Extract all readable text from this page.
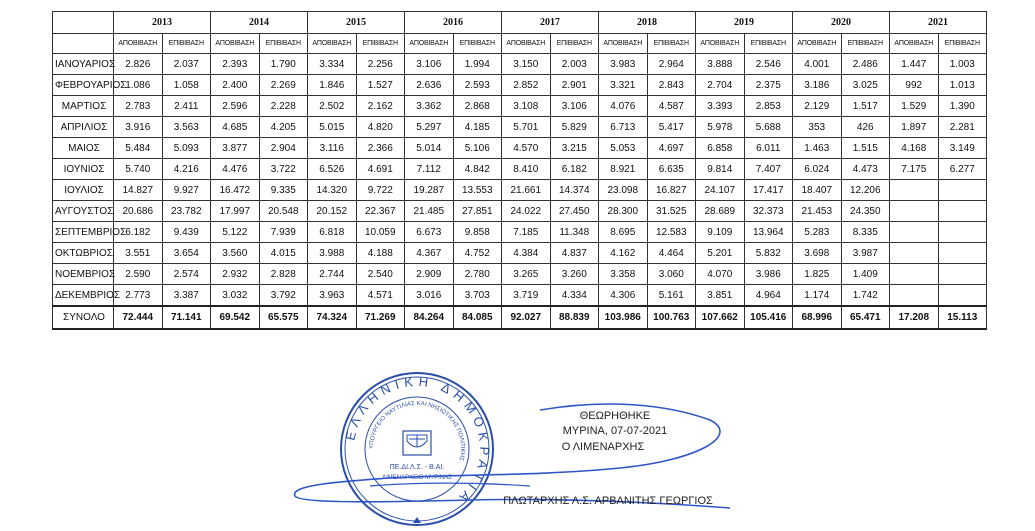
	2013	2014	2015	2016	2017	2018	2019	2020	2021
	ΑΠΟΒΙΒΑΣΗ	ΕΠΙΒΙΒΑΣΗ	ΑΠΟΒΙΒΑΣΗ	ΕΠΙΒΙΒΑΣΗ	ΑΠΟΒΙΒΑΣΗ	ΕΠΙΒΙΒΑΣΗ	ΑΠΟΒΙΒΑΣΗ	ΕΠΙΒΙΒΑΣΗ	ΑΠΟΒΙΒΑΣΗ	ΕΠΙΒΙΒΑΣΗ	ΑΠΟΒΙΒΑΣΗ	ΕΠΙΒΙΒΑΣΗ	ΑΠΟΒΙΒΑΣΗ	ΕΠΙΒΙΒΑΣΗ	ΑΠΟΒΙΒΑΣΗ	ΕΠΙΒΙΒΑΣΗ	ΑΠΟΒΙΒΑΣΗ	ΕΠΙΒΙΒΑΣΗ
ΙΑΝΟΥΑΡΙΟΣ	2.826	2.037	2.393	1.790	3.334	2.256	3.106	1.994	3.150	2.003	3.983	2.964	3.888	2.546	4.001	2.486	1.447	1.003
ΦΕΒΡΟΥΑΡΙΟΣ	1.086	1.058	2.400	2.269	1.846	1.527	2.636	2.593	2.852	2.901	3.321	2.843	2.704	2.375	3.186	3.025	992	1.013
ΜΑΡΤΙΟΣ	2.783	2.411	2.596	2.228	2.502	2.162	3.362	2.868	3.108	3.106	4.076	4.587	3.393	2.853	2.129	1.517	1.529	1.390
ΑΠΡΙΛΙΟΣ	3.916	3.563	4.685	4.205	5.015	4.820	5.297	4.185	5.701	5.829	6.713	5.417	5.978	5.688	353	426	1.897	2.281
ΜΑΙΟΣ	5.484	5.093	3.877	2.904	3.116	2.366	5.014	5.106	4.570	3.215	5.053	4.697	6.858	6.011	1.463	1.515	4.168	3.149
ΙΟΥΝΙΟΣ	5.740	4.216	4.476	3.722	6.526	4.691	7.112	4.842	8.410	6.182	8.921	6.635	9.814	7.407	6.024	4.473	7.175	6.277
ΙΟΥΛΙΟΣ	14.827	9.927	16.472	9.335	14.320	9.722	19.287	13.553	21.661	14.374	23.098	16.827	24.107	17.417	18.407	12.206		
ΑΥΓΟΥΣΤΟΣ	20.686	23.782	17.997	20.548	20.152	22.367	21.485	27.851	24.022	27.450	28.300	31.525	28.689	32.373	21.453	24.350		
ΣΕΠΤΕΜΒΡΙΟΣ	6.182	9.439	5.122	7.939	6.818	10.059	6.673	9.858	7.185	11.348	8.695	12.583	9.109	13.964	5.283	8.335		
ΟΚΤΩΒΡΙΟΣ	3.551	3.654	3.560	4.015	3.988	4.188	4.367	4.752	4.384	4.837	4.162	4.464	5.201	5.832	3.698	3.987		
ΝΟΕΜΒΡΙΟΣ	2.590	2.574	2.932	2.828	2.744	2.540	2.909	2.780	3.265	3.260	3.358	3.060	4.070	3.986	1.825	1.409		
ΔΕΚΕΜΒΡΙΟΣ	2.773	3.387	3.032	3.792	3.963	4.571	3.016	3.703	3.719	4.334	4.306	5.161	3.851	4.964	1.174	1.742		
ΣΥΝΟΛΟ	72.444	71.141	69.542	65.575	74.324	71.269	84.264	84.085	92.027	88.839	103.986	100.763	107.662	105.416	68.996	65.471	17.208	15.113
ΕΛΛΗΝΙΚΗ ΔΗΜΟΚΡΑΤΙΑ
ΥΠΟΥΡΓΕΙΟ ΝΑΥΤΙΛΙΑΣ ΚΑΙ ΝΗΣΙΩΤΙΚΗΣ ΠΟΛΙΤΙΚΗΣ
ΠΕ.ΔΙ.Λ.Σ. - Β.ΑΙ.
ΛΙΜΕΝΑΡΧΕΙΟ ΜΥΡΙΝΑΣ
ΘΕΩΡΗΘΗΚΕ
ΜΥΡΙΝΑ, 07-07-2021
Ο ΛΙΜΕΝΑΡΧΗΣ
ΠΛΩΤΑΡΧΗΣ Λ.Σ. ΑΡΒΑΝΙΤΗΣ ΓΕΩΡΓΙΟΣ
